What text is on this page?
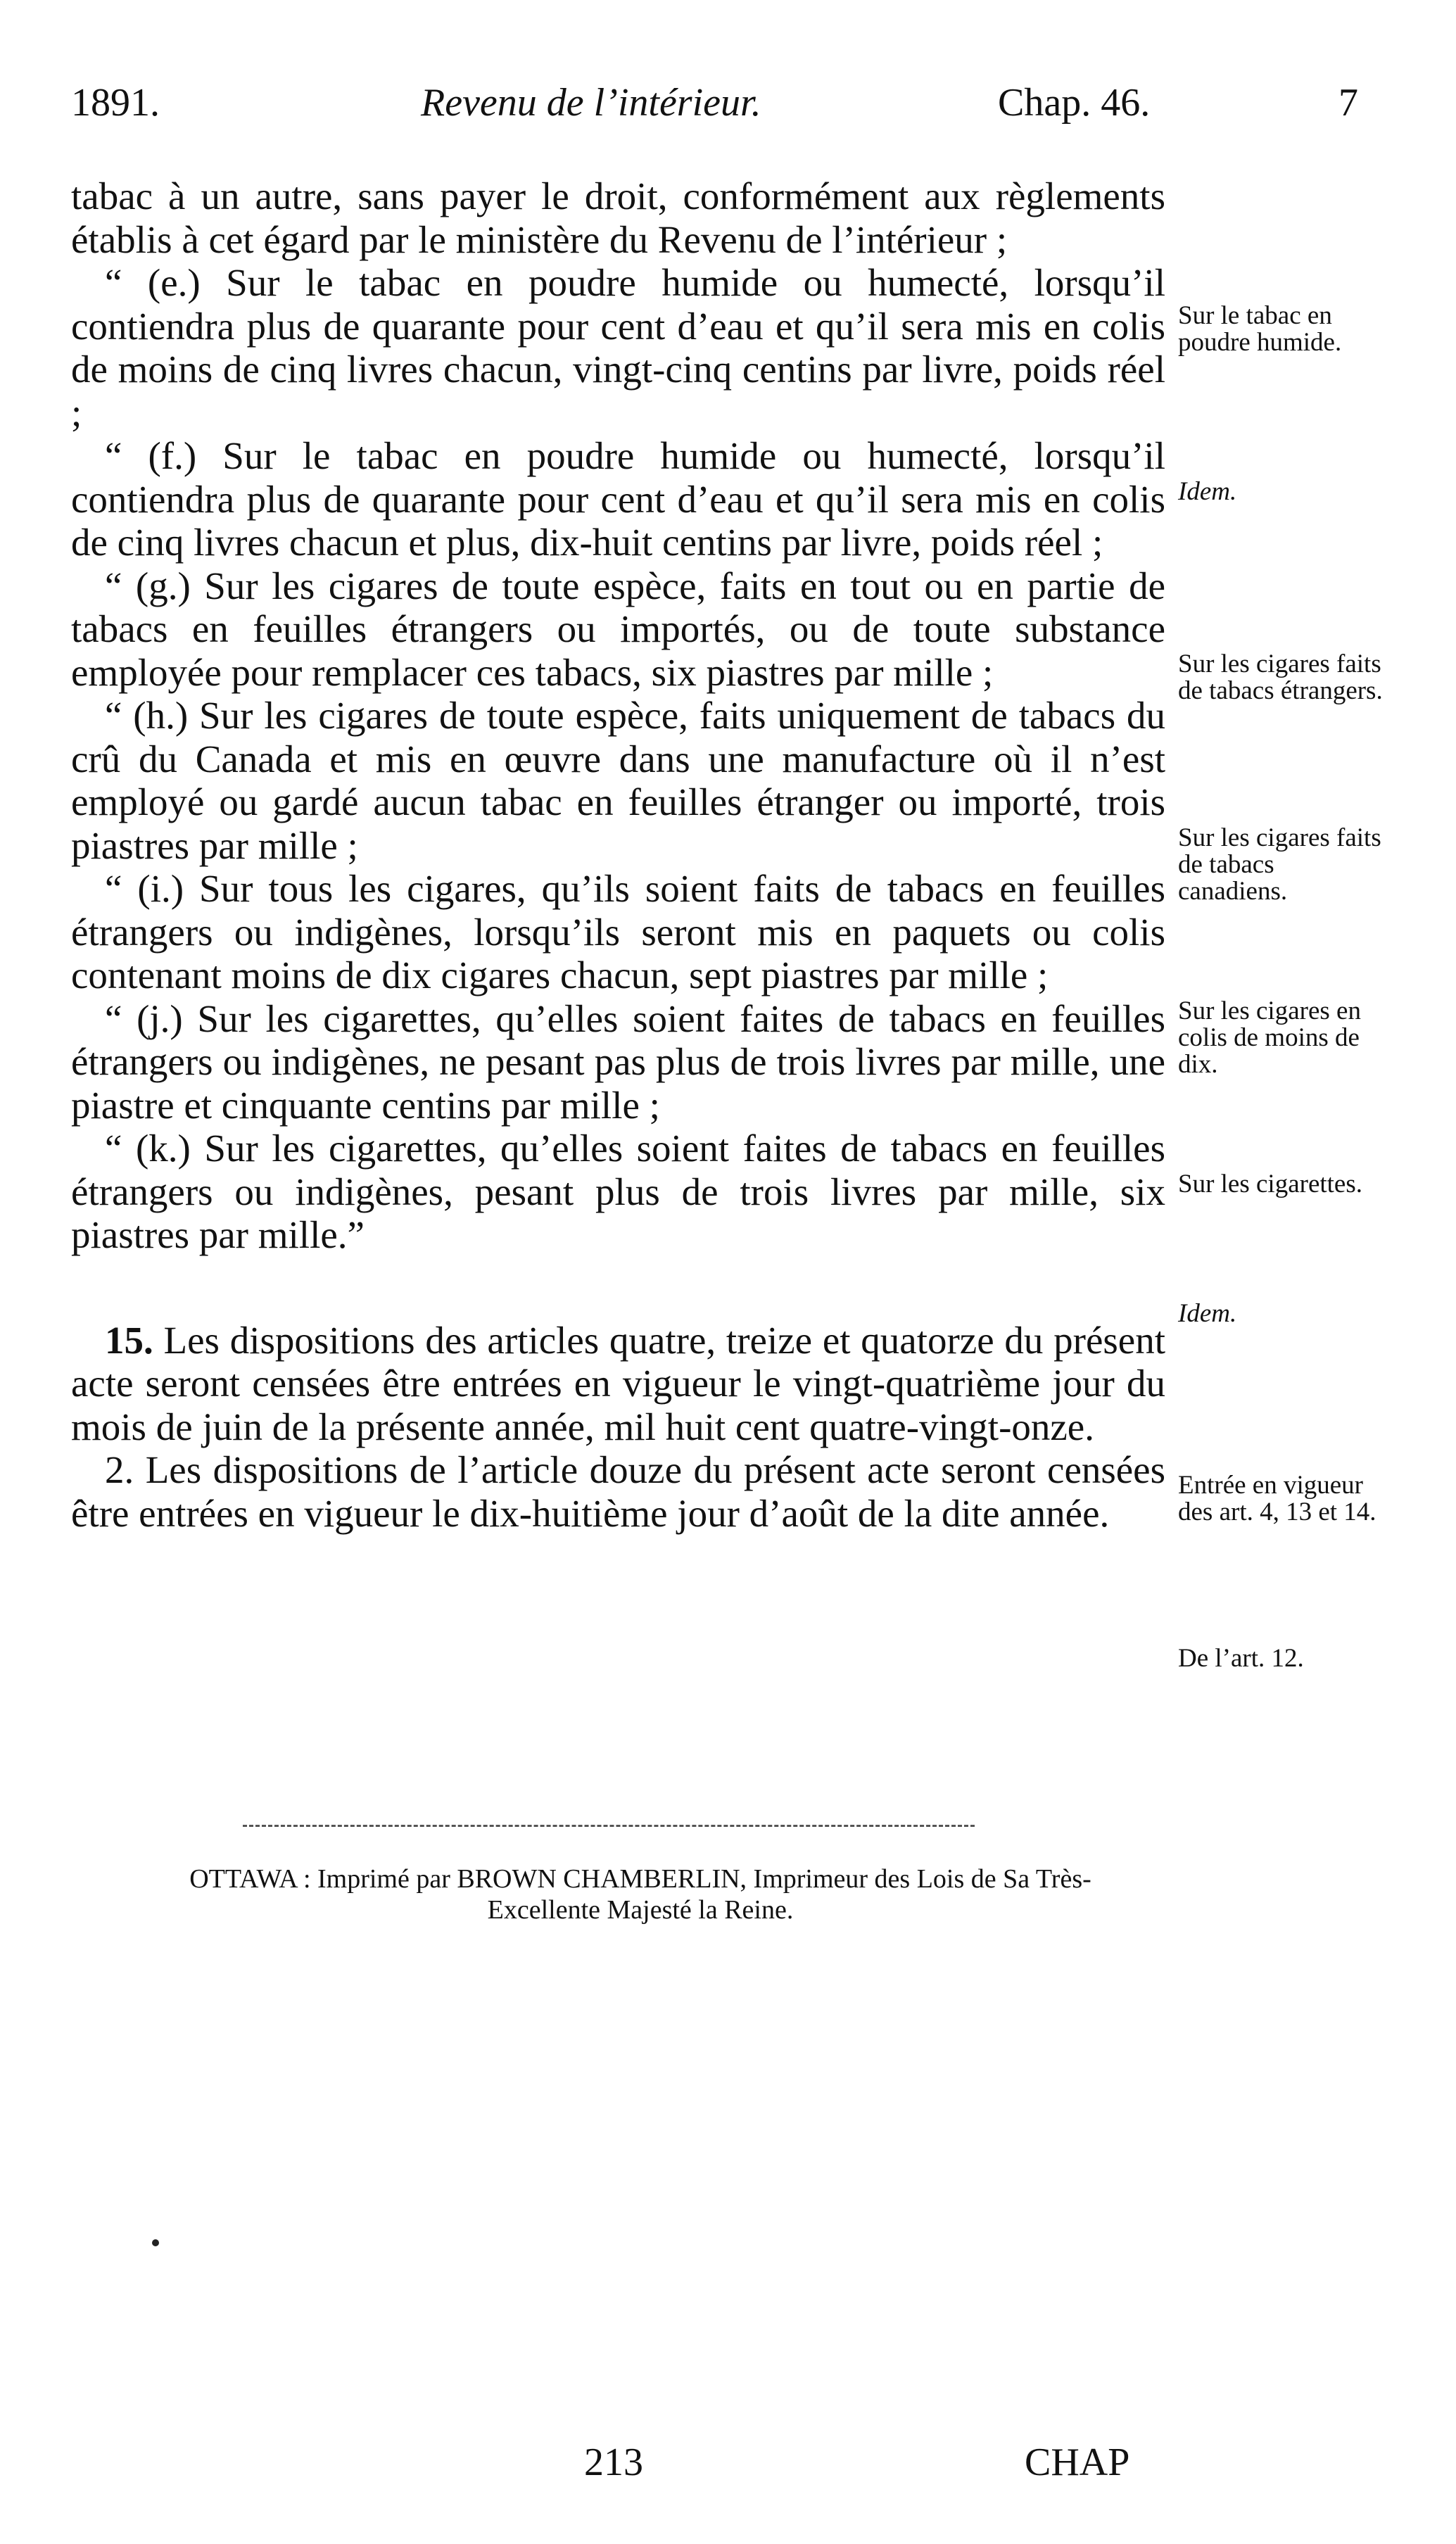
1891.	Revenu de l’intérieur.	Chap. 46.	7

tabac à un autre, sans payer le droit, conformément aux règlements établis à cet égard par le ministère du Revenu de l’intérieur ;

“ (e.) Sur le tabac en poudre humide ou humecté, lorsqu’il contiendra plus de quarante pour cent d’eau et qu’il sera mis en colis de moins de cinq livres chacun, vingt-cinq centins par livre, poids réel ;

“ (f.) Sur le tabac en poudre humide ou humecté, lorsqu’il contiendra plus de quarante pour cent d’eau et qu’il sera mis en colis de cinq livres chacun et plus, dix-huit centins par livre, poids réel ;

“ (g.) Sur les cigares de toute espèce, faits en tout ou en partie de tabacs en feuilles étrangers ou importés, ou de toute substance employée pour remplacer ces tabacs, six piastres par mille ;

“ (h.) Sur les cigares de toute espèce, faits uniquement de tabacs du crû du Canada et mis en œuvre dans une manufacture où il n’est employé ou gardé aucun tabac en feuilles étranger ou importé, trois piastres par mille ;

“ (i.) Sur tous les cigares, qu’ils soient faits de tabacs en feuilles étrangers ou indigènes, lorsqu’ils seront mis en paquets ou colis contenant moins de dix cigares chacun, sept piastres par mille ;

“ (j.) Sur les cigarettes, qu’elles soient faites de tabacs en feuilles étrangers ou indigènes, ne pesant pas plus de trois livres par mille, une piastre et cinquante centins par mille ;

“ (k.) Sur les cigarettes, qu’elles soient faites de tabacs en feuilles étrangers ou indigènes, pesant plus de trois livres par mille, six piastres par mille.”

15. Les dispositions des articles quatre, treize et quatorze du présent acte seront censées être entrées en vigueur le vingt-quatrième jour du mois de juin de la présente année, mil huit cent quatre-vingt-onze.

2. Les dispositions de l’article douze du présent acte seront censées être entrées en vigueur le dix-huitième jour d’août de la dite année.

Sur le tabac en poudre humide.
Idem.
Sur les cigares faits de tabacs étrangers.
Sur les cigares faits de tabacs canadiens.
Sur les cigares en colis de moins de dix.
Sur les cigarettes.
Idem.
Entrée en vigueur des art. 4, 13 et 14.
De l’art. 12.
OTTAWA : Imprimé par BROWN CHAMBERLIN, Imprimeur des Lois de Sa Très-
Excellente Majesté la Reine.
213	CHAP
